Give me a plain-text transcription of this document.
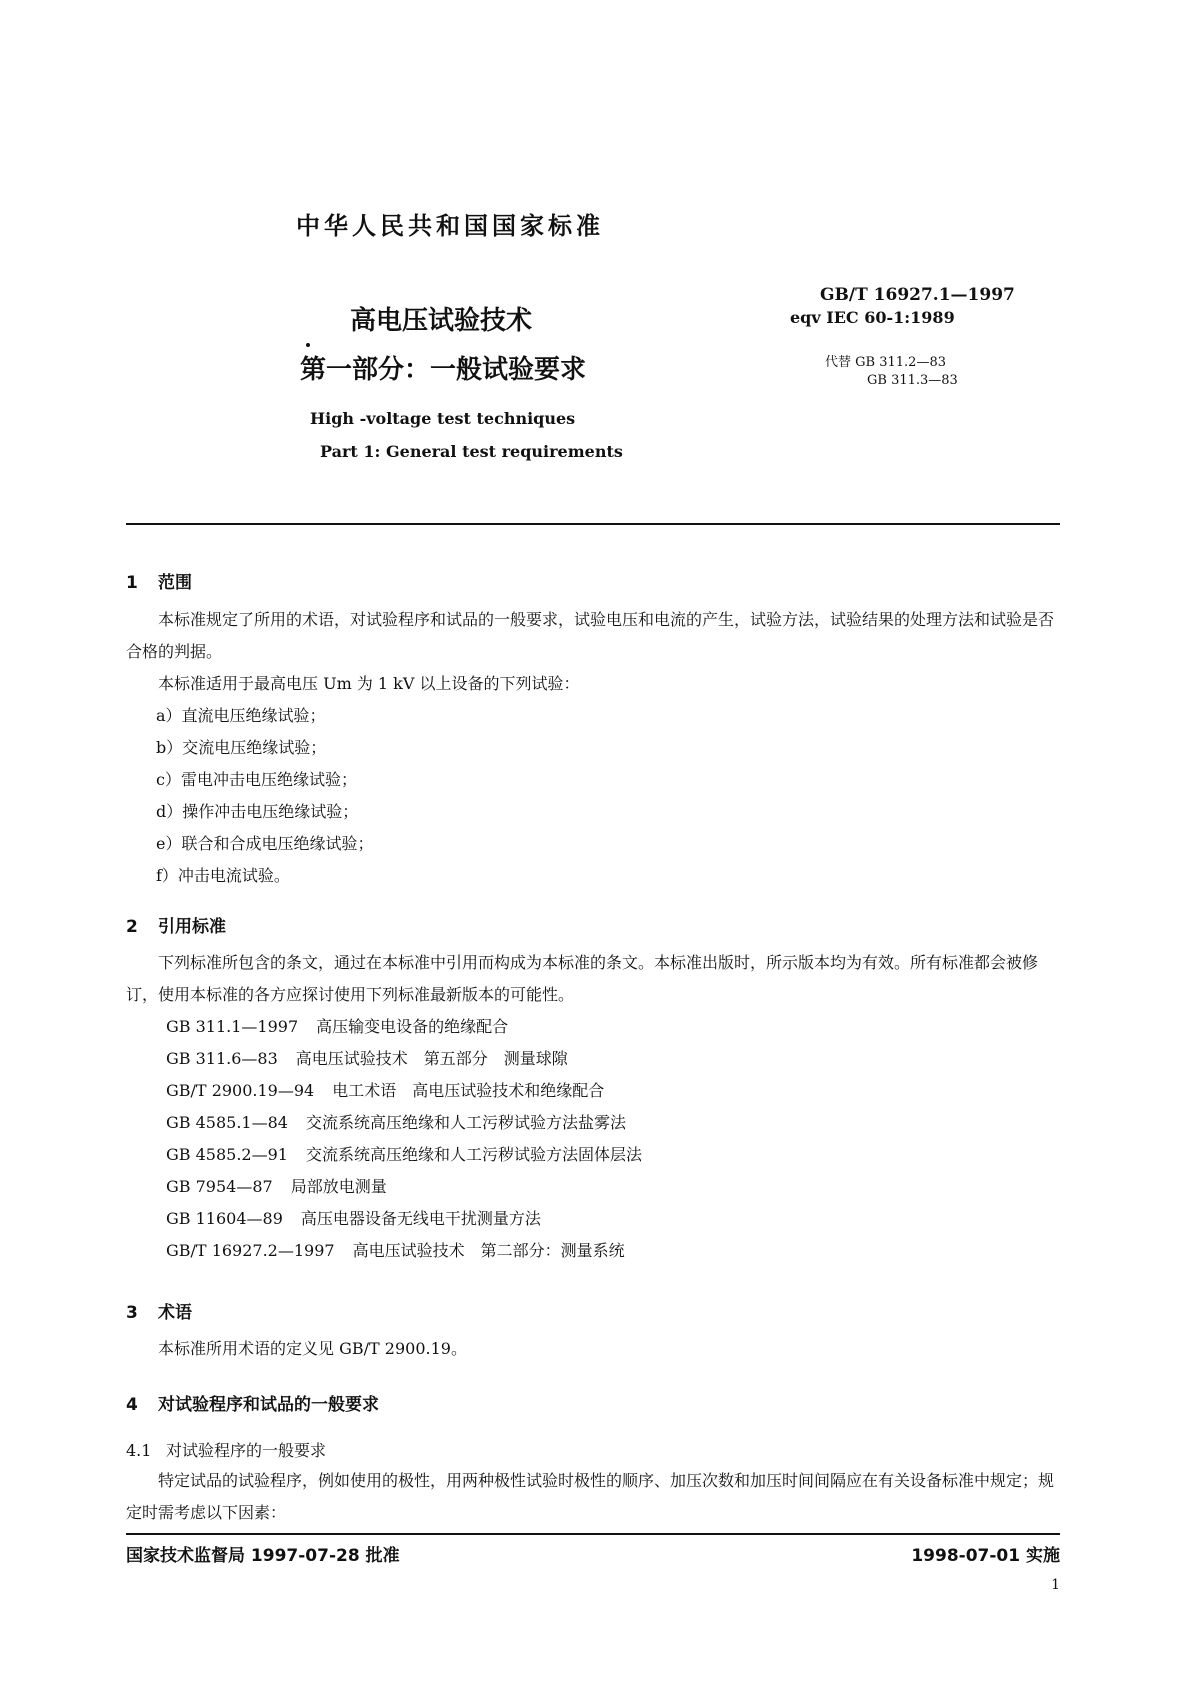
中华人民共和国国家标准
高电压试验技术
第一部分：一般试验要求
High -voltage test techniques
Part 1: General test requirements
GB/T 16927.1—1997
eqv IEC 60-1:1989
代替 GB 311.2—83
GB 311.3—83
1 范围
本标准规定了所用的术语，对试验程序和试品的一般要求，试验电压和电流的产生，试验方法，试验结果的处理方法和试验是否合格的判据。
本标准适用于最高电压 Um 为 1 kV 以上设备的下列试验：
a）直流电压绝缘试验；
b）交流电压绝缘试验；
c）雷电冲击电压绝缘试验；
d）操作冲击电压绝缘试验；
e）联合和合成电压绝缘试验；
f）冲击电流试验。
2 引用标准
下列标准所包含的条文，通过在本标准中引用而构成为本标准的条文。本标准出版时，所示版本均为有效。所有标准都会被修订，使用本标准的各方应探讨使用下列标准最新版本的可能性。
GB 311.1—1997 高压输变电设备的绝缘配合
GB 311.6—83 高电压试验技术　第五部分　测量球隙
GB/T 2900.19—94 电工术语　高电压试验技术和绝缘配合
GB 4585.1—84 交流系统高压绝缘和人工污秽试验方法盐雾法
GB 4585.2—91 交流系统高压绝缘和人工污秽试验方法固体层法
GB 7954—87 局部放电测量
GB 11604—89 高压电器设备无线电干扰测量方法
GB/T 16927.2—1997 高电压试验技术　第二部分：测量系统
3 术语
本标准所用术语的定义见 GB/T 2900.19。
4 对试验程序和试品的一般要求
4.1 对试验程序的一般要求
特定试品的试验程序，例如使用的极性，用两种极性试验时极性的顺序、加压次数和加压时间间隔应在有关设备标准中规定；规定时需考虑以下因素：
国家技术监督局 1997-07-28 批准	1998-07-01 实施
1
